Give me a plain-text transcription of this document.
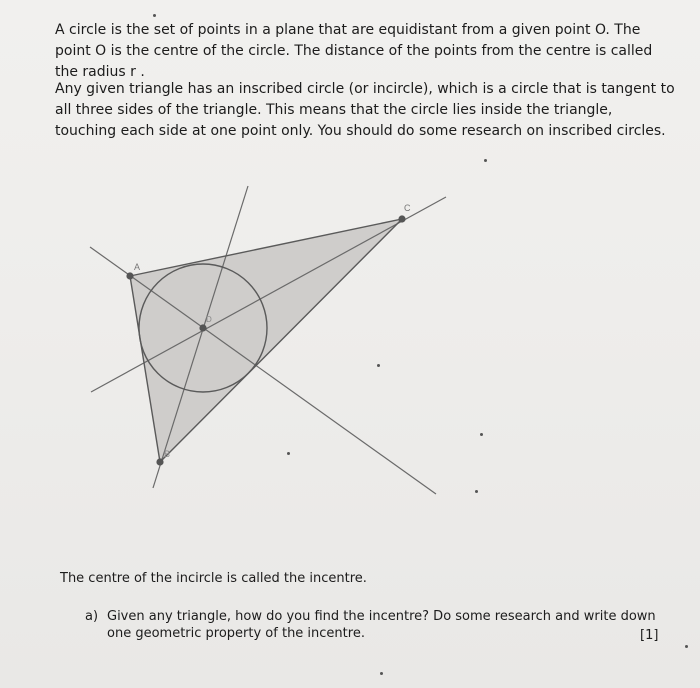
A circle is the set of points in a plane that are equidistant from a given point O. The point O is the centre of the circle. The distance of the points from the centre is called the radius r .

Any given triangle has an inscribed circle (or incircle), which is a circle that is tangent to all three sides of the triangle. This means that the circle lies inside the triangle, touching each side at one point only. You should do some research on inscribed circles.

A
B
C
D

The centre of the incircle is called the incentre.

a) Given any triangle, how do you find the incentre? Do some research and write down one geometric property of the incentre.	[1]
